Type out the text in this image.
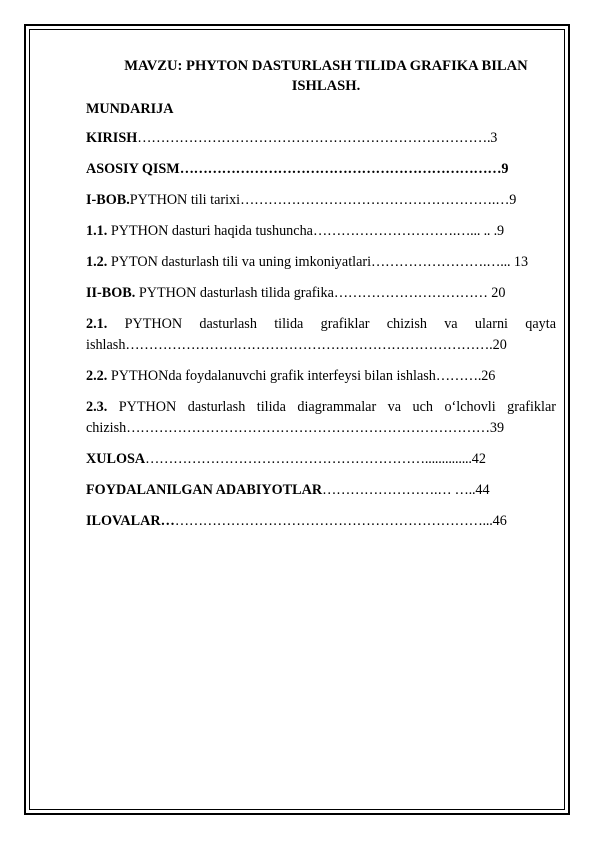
MAVZU: PHYTON DASTURLASH TILIDA GRAFIKA BILAN ISHLASH.
MUNDARIJA
KIRISH………………………………………………………………….3
ASOSIY QISM……………………………………………………………9
I-BOB.PYTHON tili tarixi……………………………………………….…9
1.1. PYTHON dasturi haqida tushuncha………………………….…... .. .9
1.2. PYTON dasturlash tili va uning imkoniyatlari…………………….…... 13
II-BOB. PYTHON dasturlash tilida grafika…………………………… 20
2.1. PYTHON dasturlash tilida grafiklar chizish va ularni qayta ishlash…………………………………………………………………….20
2.2. PYTHONda foydalanuvchi grafik interfeysi bilan ishlash……….26
2.3. PYTHON dasturlash tilida diagrammalar va uch o‘lchovli grafiklar chizish……………………………………………………………………39
XULOSA……………………………………………………..............42
FOYDALANILGAN ADABIYOTLAR…………………….… …..44
ILOVALAR……………………………………………………………...46
